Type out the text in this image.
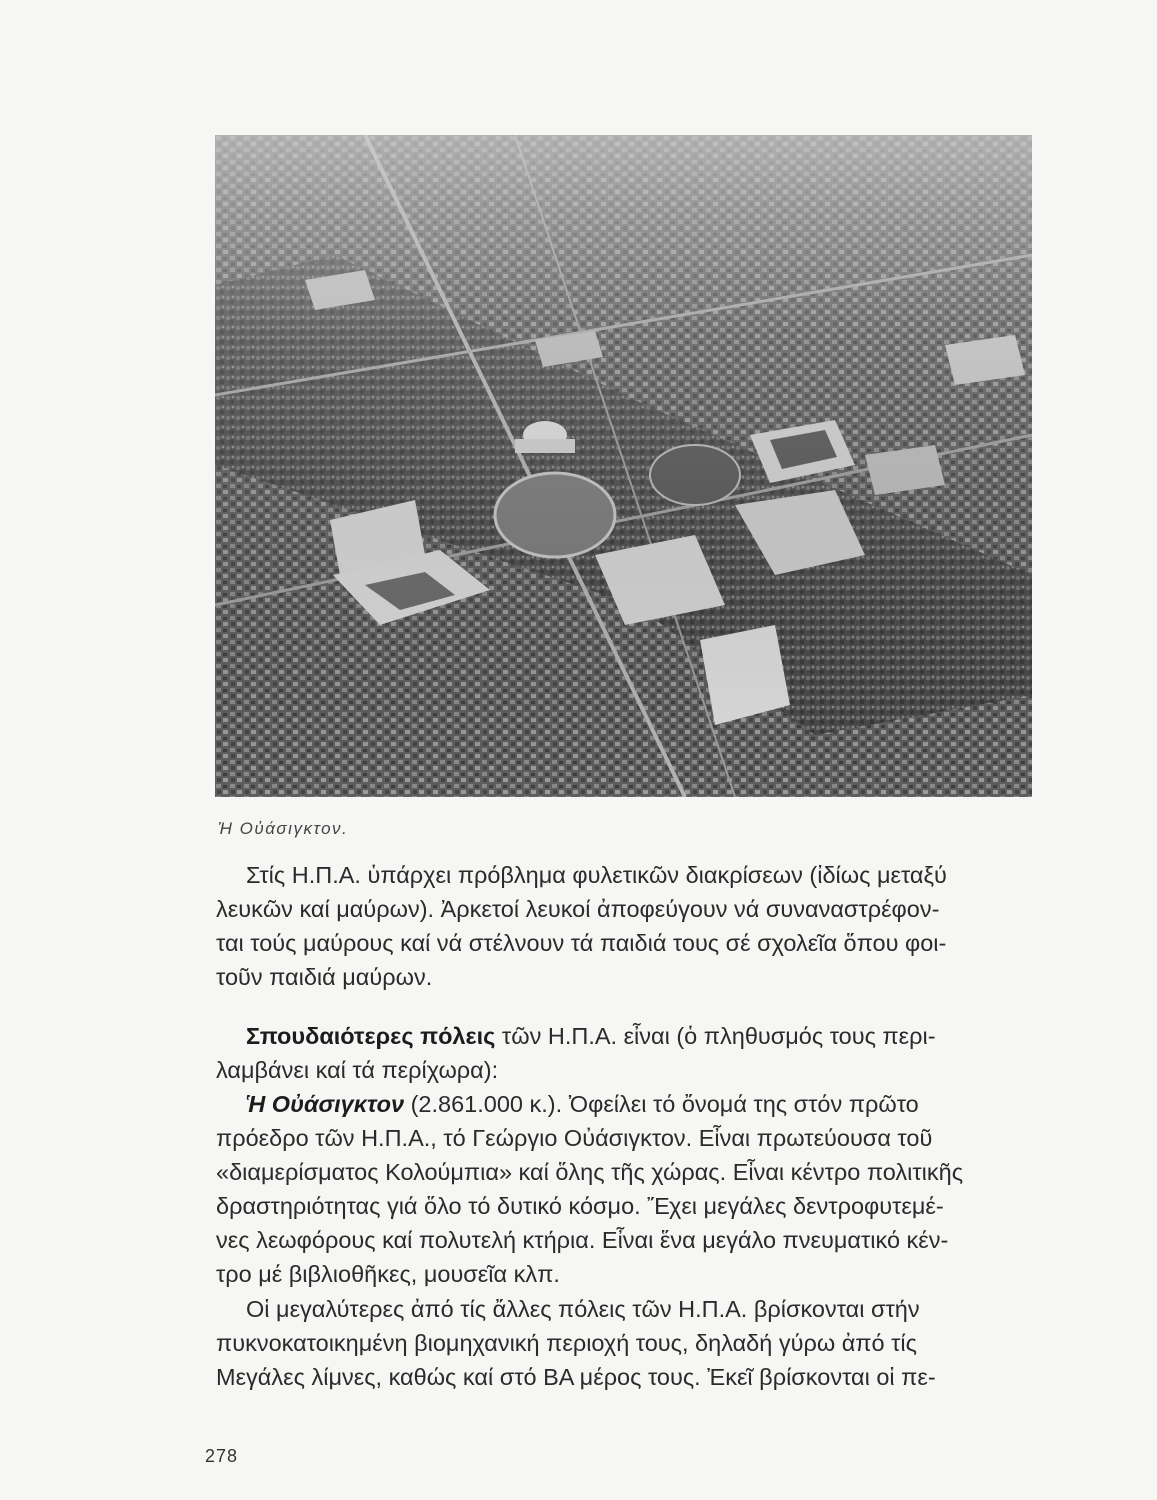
Ἡ Οὐάσιγκτον.

Στίς Η.Π.Α. ὑπάρχει πρόβλημα φυλετικῶν διακρίσεων (ἰδίως μεταξύ
λευκῶν καί μαύρων). Ἀρκετοί λευκοί ἀποφεύγουν νά συναναστρέφον-
ται τούς μαύρους καί νά στέλνουν τά παιδιά τους σέ σχολεῖα ὅπου φοι-
τοῦν παιδιά μαύρων.
Σπουδαιότερες πόλεις τῶν Η.Π.Α. εἶναι (ὁ πληθυσμός τους περι-
λαμβάνει καί τά περίχωρα):
Ἡ Οὐάσιγκτον (2.861.000 κ.). Ὀφείλει τό ὄνομά της στόν πρῶτο
πρόεδρο τῶν Η.Π.Α., τό Γεώργιο Οὐάσιγκτον. Εἶναι πρωτεύουσα τοῦ
«διαμερίσματος Κολούμπια» καί ὅλης τῆς χώρας. Εἶναι κέντρο πολιτικῆς
δραστηριότητας γιά ὅλο τό δυτικό κόσμο. Ἔχει μεγάλες δεντροφυτεμέ-
νες λεωφόρους καί πολυτελή κτήρια. Εἶναι ἕνα μεγάλο πνευματικό κέν-
τρο μέ βιβλιοθῆκες, μουσεῖα κλπ.
Οἱ μεγαλύτερες ἀπό τίς ἄλλες πόλεις τῶν Η.Π.Α. βρίσκονται στήν
πυκνοκατοικημένη βιομηχανική περιοχή τους, δηλαδή γύρω ἀπό τίς
Μεγάλες λίμνες, καθώς καί στό ΒΑ μέρος τους. Ἐκεῖ βρίσκονται οἱ πε-

278
